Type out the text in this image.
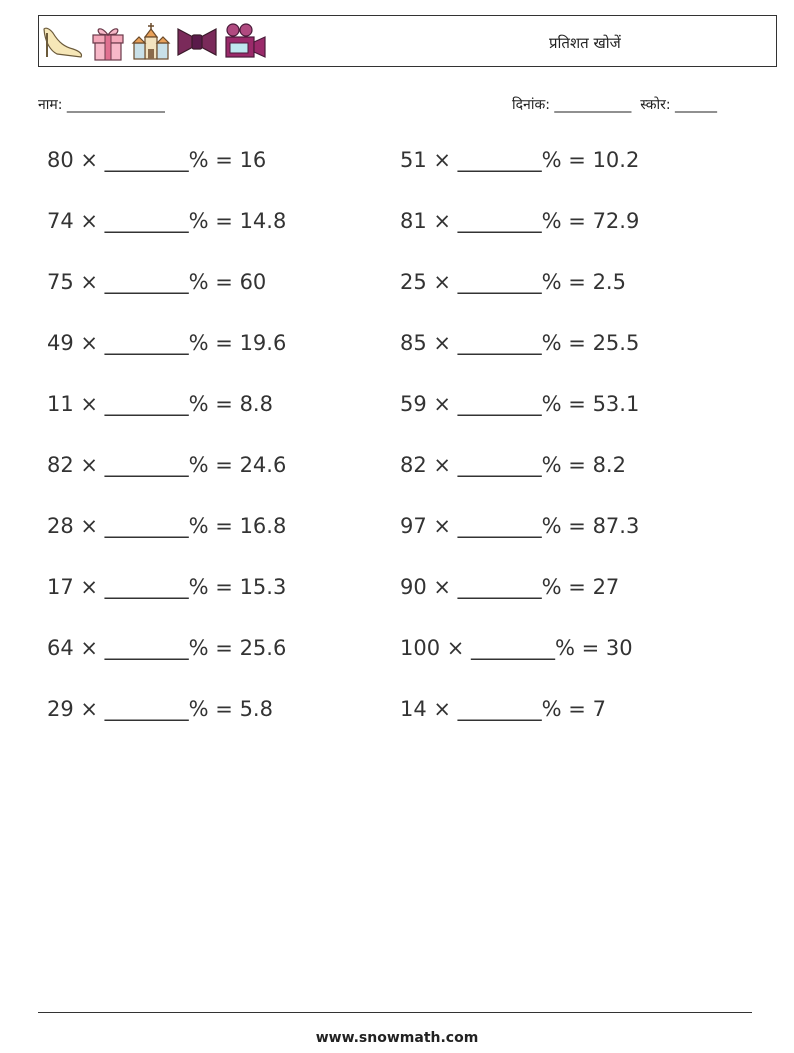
प्रतिशत खोजें
नाम: ______________	दिनांक: ___________  स्कोर: ______
80 × ________% = 16
74 × ________% = 14.8
75 × ________% = 60
49 × ________% = 19.6
11 × ________% = 8.8
82 × ________% = 24.6
28 × ________% = 16.8
17 × ________% = 15.3
64 × ________% = 25.6
29 × ________% = 5.8
51 × ________% = 10.2
81 × ________% = 72.9
25 × ________% = 2.5
85 × ________% = 25.5
59 × ________% = 53.1
82 × ________% = 8.2
97 × ________% = 87.3
90 × ________% = 27
100 × ________% = 30
14 × ________% = 7
www.snowmath.com
